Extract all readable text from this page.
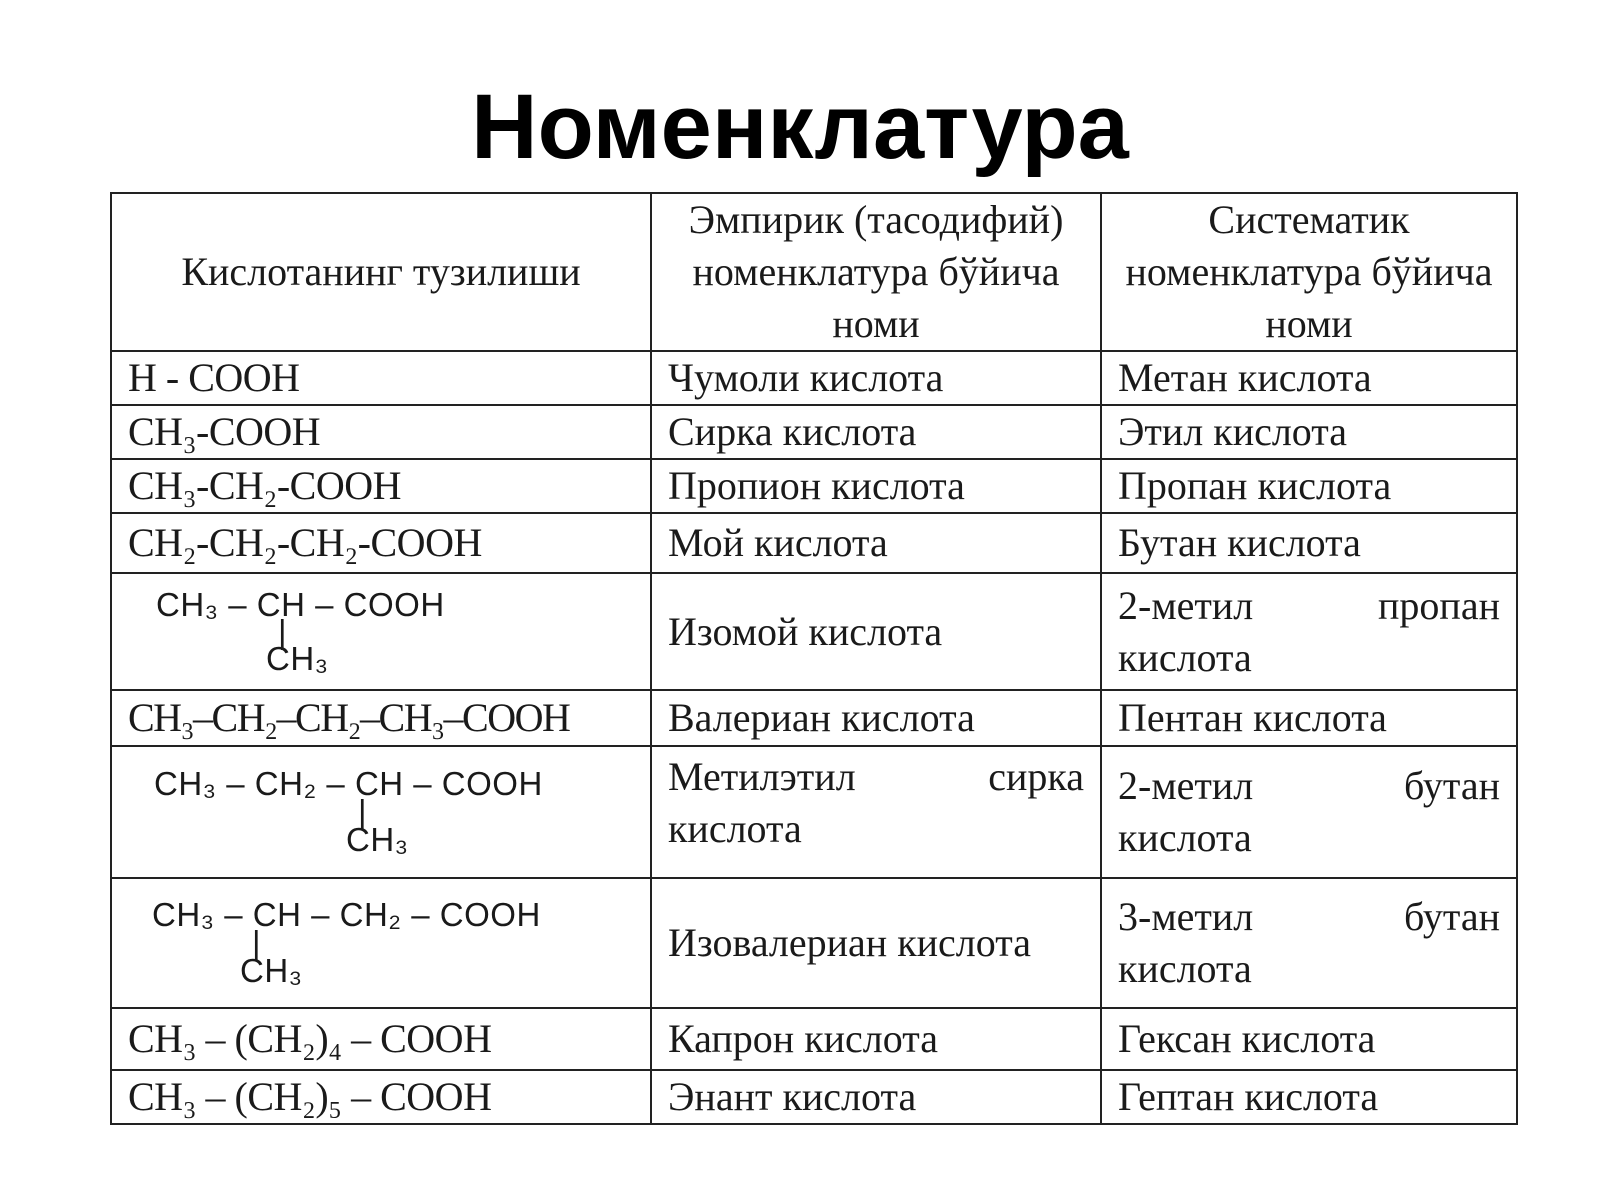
Номенклатура
Кислотанинг тузилиши	Эмпирик (тасодифий) номенклатура бўйича номи	Систематик номенклатура бўйича номи
H - COOH	Чумоли кислота	Метан кислота
CH₃-COOH	Сирка кислота	Этил кислота
CH₃-CH₂-COOH	Пропион кислота	Пропан кислота
CH₂-CH₂-CH₂-COOH	Мой кислота	Бутан кислота

CH₃ – CH – COOH
|
CH₃	Изомой кислота	2-метил пропан кислота
CH₃–CH₂–CH₂–CH₃–COOH	Валериан кислота	Пентан кислота

CH₃ – CH₂ – CH – COOH
|
CH₃	Метилэтил сирка кислота	2-метил бутан кислота

CH₃ – CH – CH₂ – COOH
|
CH₃	Изовалериан кислота	3-метил бутан кислота
CH₃ – (CH₂)₄ – COOH	Капрон кислота	Гексан кислота
CH₃ – (CH₂)₅ – COOH	Энант кислота	Гептан кислота
